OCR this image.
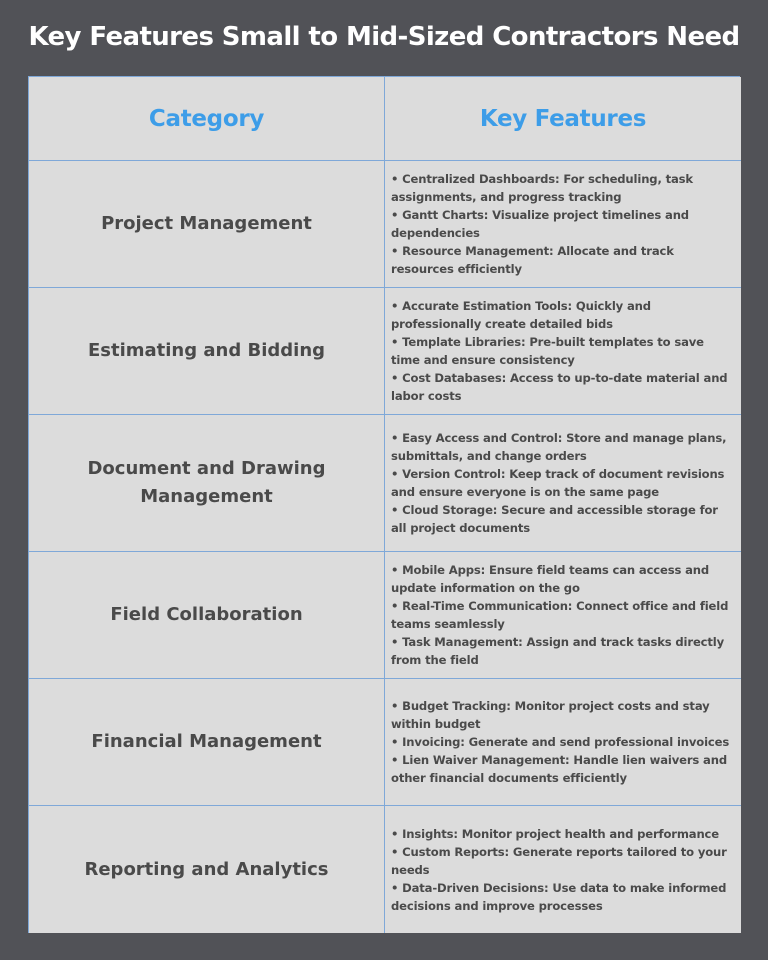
Key Features Small to Mid-Sized Contractors Need
Category	Key Features
Project Management
• Centralized Dashboards: For scheduling, task assignments, and progress tracking
• Gantt Charts: Visualize project timelines and dependencies
• Resource Management: Allocate and track resources efficiently
Estimating and Bidding
• Accurate Estimation Tools: Quickly and professionally create detailed bids
• Template Libraries: Pre-built templates to save time and ensure consistency
• Cost Databases: Access to up-to-date material and labor costs
Document and Drawing Management
• Easy Access and Control: Store and manage plans, submittals, and change orders
• Version Control: Keep track of document revisions and ensure everyone is on the same page
• Cloud Storage: Secure and accessible storage for all project documents
Field Collaboration
• Mobile Apps: Ensure field teams can access and update information on the go
• Real-Time Communication: Connect office and field teams seamlessly
• Task Management: Assign and track tasks directly from the field
Financial Management
• Budget Tracking: Monitor project costs and stay within budget
• Invoicing: Generate and send professional invoices
• Lien Waiver Management: Handle lien waivers and other financial documents efficiently
Reporting and Analytics
• Insights: Monitor project health and performance
• Custom Reports: Generate reports tailored to your needs
• Data-Driven Decisions: Use data to make informed decisions and improve processes
